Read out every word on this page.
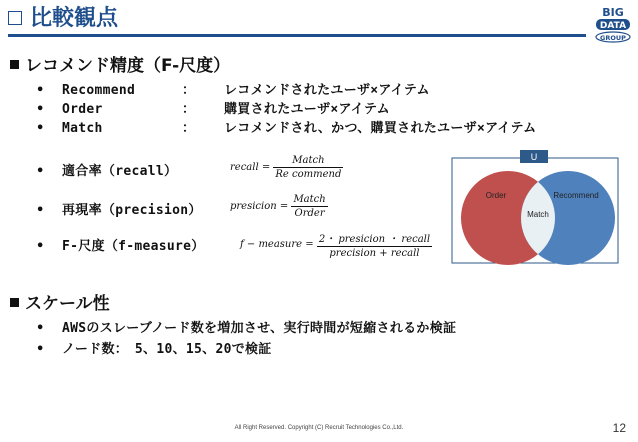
比較観点	BIG
DATA
GROUP
レコメンド精度（F-尺度）
• Recommend	： レコメンドされたユーザ×アイテム
• Order	： 購買されたユーザ×アイテム
• Match	： レコメンドされ、かつ、購買されたユーザ×アイテム
• 適合率（recall）	recall = $\frac{\text{Match}}{\text{Re commend}}$
• 再現率（precision）	presicion = $\frac{\text{Match}}{\text{Order}}$
• F-尺度（f-measure）	f − measure = $\frac{\text{2・ presicion ・ recall}}{\text{precision + recall}}$
U
Order	Recommend
Match
スケール性
• AWSのスレーブノード数を増加させ、実行時間が短縮されるか検証
• ノード数：　5、10、15、20で検証
All Right Reserved. Copyright (C) Recruit Technologies Co.,Ltd.	12
